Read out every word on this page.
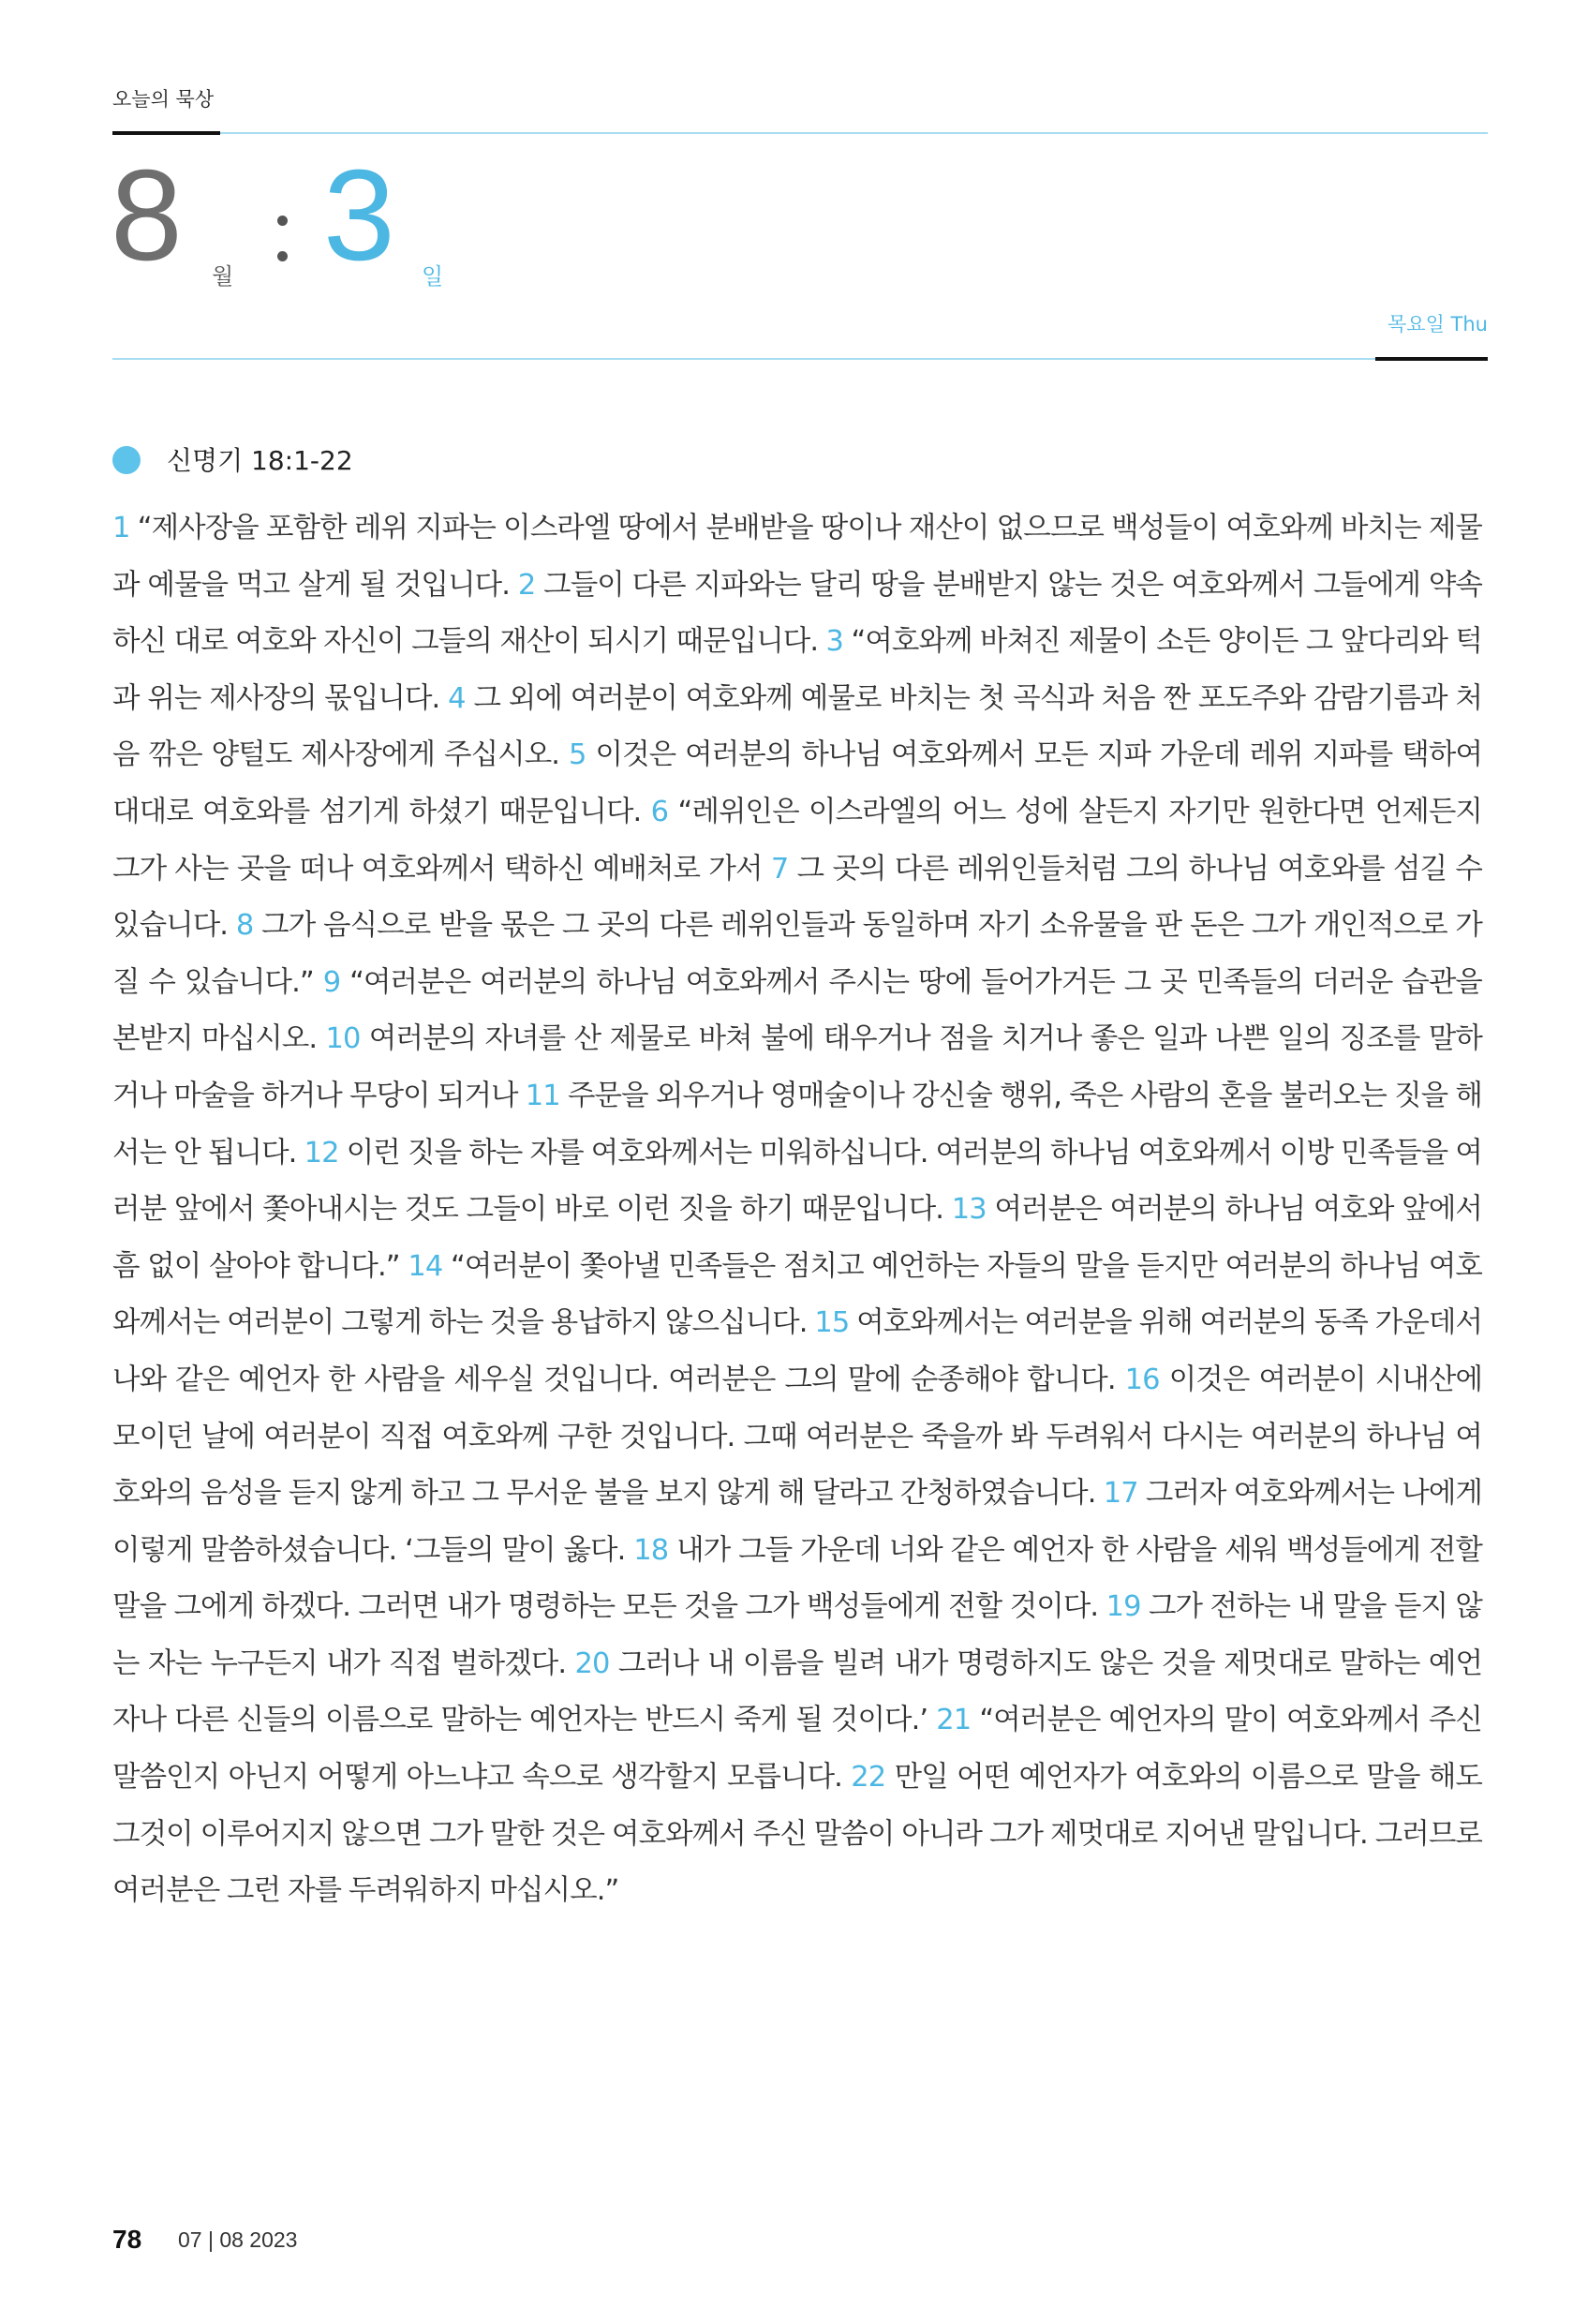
오늘의 묵상
8 월 3 일
목요일 Thu
신명기 18:1-22
1 “제사장을 포함한 레위 지파는 이스라엘 땅에서 분배받을 땅이나 재산이 없으므로 백성들이 여호와께 바치는 제물과 예물을 먹고 살게 될 것입니다. 2 그들이 다른 지파와는 달리 땅을 분배받지 않는 것은 여호와께서 그들에게 약속하신 대로 여호와 자신이 그들의 재산이 되시기 때문입니다. 3 “여호와께 바쳐진 제물이 소든 양이든 그 앞다리와 턱과 위는 제사장의 몫입니다. 4 그 외에 여러분이 여호와께 예물로 바치는 첫 곡식과 처음 짠 포도주와 감람기름과 처음 깎은 양털도 제사장에게 주십시오. 5 이것은 여러분의 하나님 여호와께서 모든 지파 가운데 레위 지파를 택하여 대대로 여호와를 섬기게 하셨기 때문입니다. 6 “레위인은 이스라엘의 어느 성에 살든지 자기만 원한다면 언제든지 그가 사는 곳을 떠나 여호와께서 택하신 예배처로 가서 7 그 곳의 다른 레위인들처럼 그의 하나님 여호와를 섬길 수 있습니다. 8 그가 음식으로 받을 몫은 그 곳의 다른 레위인들과 동일하며 자기 소유물을 판 돈은 그가 개인적으로 가질 수 있습니다.” 9 “여러분은 여러분의 하나님 여호와께서 주시는 땅에 들어가거든 그 곳 민족들의 더러운 습관을 본받지 마십시오. 10 여러분의 자녀를 산 제물로 바쳐 불에 태우거나 점을 치거나 좋은 일과 나쁜 일의 징조를 말하거나 마술을 하거나 무당이 되거나 11 주문을 외우거나 영매술이나 강신술 행위, 죽은 사람의 혼을 불러오는 짓을 해서는 안 됩니다. 12 이런 짓을 하는 자를 여호와께서는 미워하십니다. 여러분의 하나님 여호와께서 이방 민족들을 여러분 앞에서 쫓아내시는 것도 그들이 바로 이런 짓을 하기 때문입니다. 13 여러분은 여러분의 하나님 여호와 앞에서 흠 없이 살아야 합니다.” 14 “여러분이 쫓아낼 민족들은 점치고 예언하는 자들의 말을 듣지만 여러분의 하나님 여호와께서는 여러분이 그렇게 하는 것을 용납하지 않으십니다. 15 여호와께서는 여러분을 위해 여러분의 동족 가운데서 나와 같은 예언자 한 사람을 세우실 것입니다. 여러분은 그의 말에 순종해야 합니다. 16 이것은 여러분이 시내산에 모이던 날에 여러분이 직접 여호와께 구한 것입니다. 그때 여러분은 죽을까 봐 두려워서 다시는 여러분의 하나님 여호와의 음성을 듣지 않게 하고 그 무서운 불을 보지 않게 해 달라고 간청하였습니다. 17 그러자 여호와께서는 나에게 이렇게 말씀하셨습니다. ‘그들의 말이 옳다. 18 내가 그들 가운데 너와 같은 예언자 한 사람을 세워 백성들에게 전할 말을 그에게 하겠다. 그러면 내가 명령하는 모든 것을 그가 백성들에게 전할 것이다. 19 그가 전하는 내 말을 듣지 않는 자는 누구든지 내가 직접 벌하겠다. 20 그러나 내 이름을 빌려 내가 명령하지도 않은 것을 제멋대로 말하는 예언자나 다른 신들의 이름으로 말하는 예언자는 반드시 죽게 될 것이다.’ 21 “여러분은 예언자의 말이 여호와께서 주신 말씀인지 아닌지 어떻게 아느냐고 속으로 생각할지 모릅니다. 22 만일 어떤 예언자가 여호와의 이름으로 말을 해도 그것이 이루어지지 않으면 그가 말한 것은 여호와께서 주신 말씀이 아니라 그가 제멋대로 지어낸 말입니다. 그러므로 여러분은 그런 자를 두려워하지 마십시오.”
78 07 | 08 2023
